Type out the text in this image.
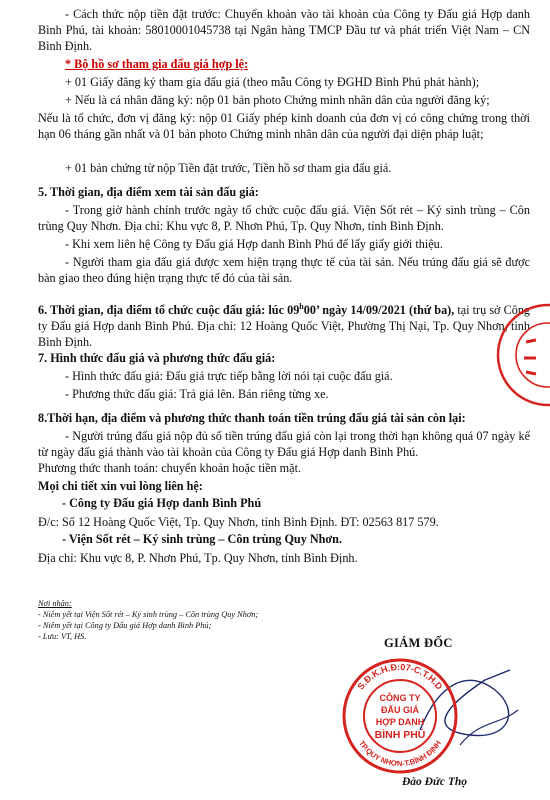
- Cách thức nộp tiền đặt trước: Chuyển khoản vào tài khoản của Công ty Đấu giá Hợp danh Bình Phú, tài khoản: 58010001045738 tại Ngân hàng TMCP Đầu tư và phát triển Việt Nam – CN Bình Định.
* Bộ hồ sơ tham gia đấu giá hợp lệ:
+ 01 Giấy đăng ký tham gia đấu giá (theo mẫu Công ty ĐGHD Bình Phú phát hành);
+ Nếu là cá nhân đăng ký: nộp 01 bản photo Chứng minh nhân dân của người đăng ký;
Nếu là tổ chức, đơn vị đăng ký: nộp 01 Giấy phép kinh doanh của đơn vị có công chứng trong thời hạn 06 tháng gần nhất và 01 bản photo Chứng minh nhân dân của người đại diện pháp luật;
+ 01 bản chứng từ nộp Tiền đặt trước, Tiền hồ sơ tham gia đấu giá.
5. Thời gian, địa điểm xem tài sản đấu giá:
- Trong giờ hành chính trước ngày tổ chức cuộc đấu giá. Viện Sốt rét – Ký sinh trùng – Côn trùng Quy Nhơn. Địa chỉ: Khu vực 8, P. Nhơn Phú, Tp. Quy Nhơn, tỉnh Bình Định.
- Khi xem liên hệ Công ty Đấu giá Hợp danh Bình Phú để lấy giấy giới thiệu.
- Người tham gia đấu giá được xem hiện trạng thực tế của tài sản. Nếu trúng đấu giá sẽ được bàn giao theo đúng hiện trạng thực tế đó của tài sản.
6. Thời gian, địa điểm tổ chức cuộc đấu giá: lúc 09$^h$00’ ngày 14/09/2021 (thứ ba), tại trụ sở Công ty Đấu giá Hợp danh Bình Phú. Địa chỉ: 12 Hoàng Quốc Việt, Phường Thị Nại, Tp. Quy Nhơn, tỉnh Bình Định.
7. Hình thức đấu giá và phương thức đấu giá:
- Hình thức đấu giá: Đấu giá trực tiếp bằng lời nói tại cuộc đấu giá.
- Phương thức đấu giá: Trả giá lên. Bán riêng từng xe.
8.Thời hạn, địa điểm và phương thức thanh toán tiền trúng đấu giá tài sản còn lại:
- Người trúng đấu giá nộp đủ số tiền trúng đấu giá còn lại trong thời hạn không quá 07 ngày kể từ ngày đấu giá thành vào tài khoản của Công ty Đấu giá Hợp danh Bình Phú.
Phương thức thanh toán: chuyển khoản hoặc tiền mặt.
Mọi chi tiết xin vui lòng liên hệ:
- Công ty Đấu giá Hợp danh Bình Phú
Đ/c: Số 12 Hoàng Quốc Việt, Tp. Quy Nhơn, tỉnh Bình Định. ĐT: 02563 817 579.
- Viện Sốt rét – Ký sinh trùng – Côn trùng Quy Nhơn.
Địa chỉ: Khu vực 8, P. Nhơn Phú, Tp. Quy Nhơn, tỉnh Bình Định.
Nơi nhận:
- Niêm yết tại Viện Sốt rét – Ký sinh trùng – Côn trùng Quy Nhơn;
- Niêm yết tại Công ty Đấu giá Hợp danh Bình Phú;
- Lưu: VT, HS.	GIÁM ĐỐC
S.Đ.K.H.Đ:07-C.T.H.D
TP.QUY NHƠN-T.BÌNH ĐỊNH
CÔNG TY
ĐẤU GIÁ
HỢP DANH
BÌNH PHÚ
Đào Đức Thọ
